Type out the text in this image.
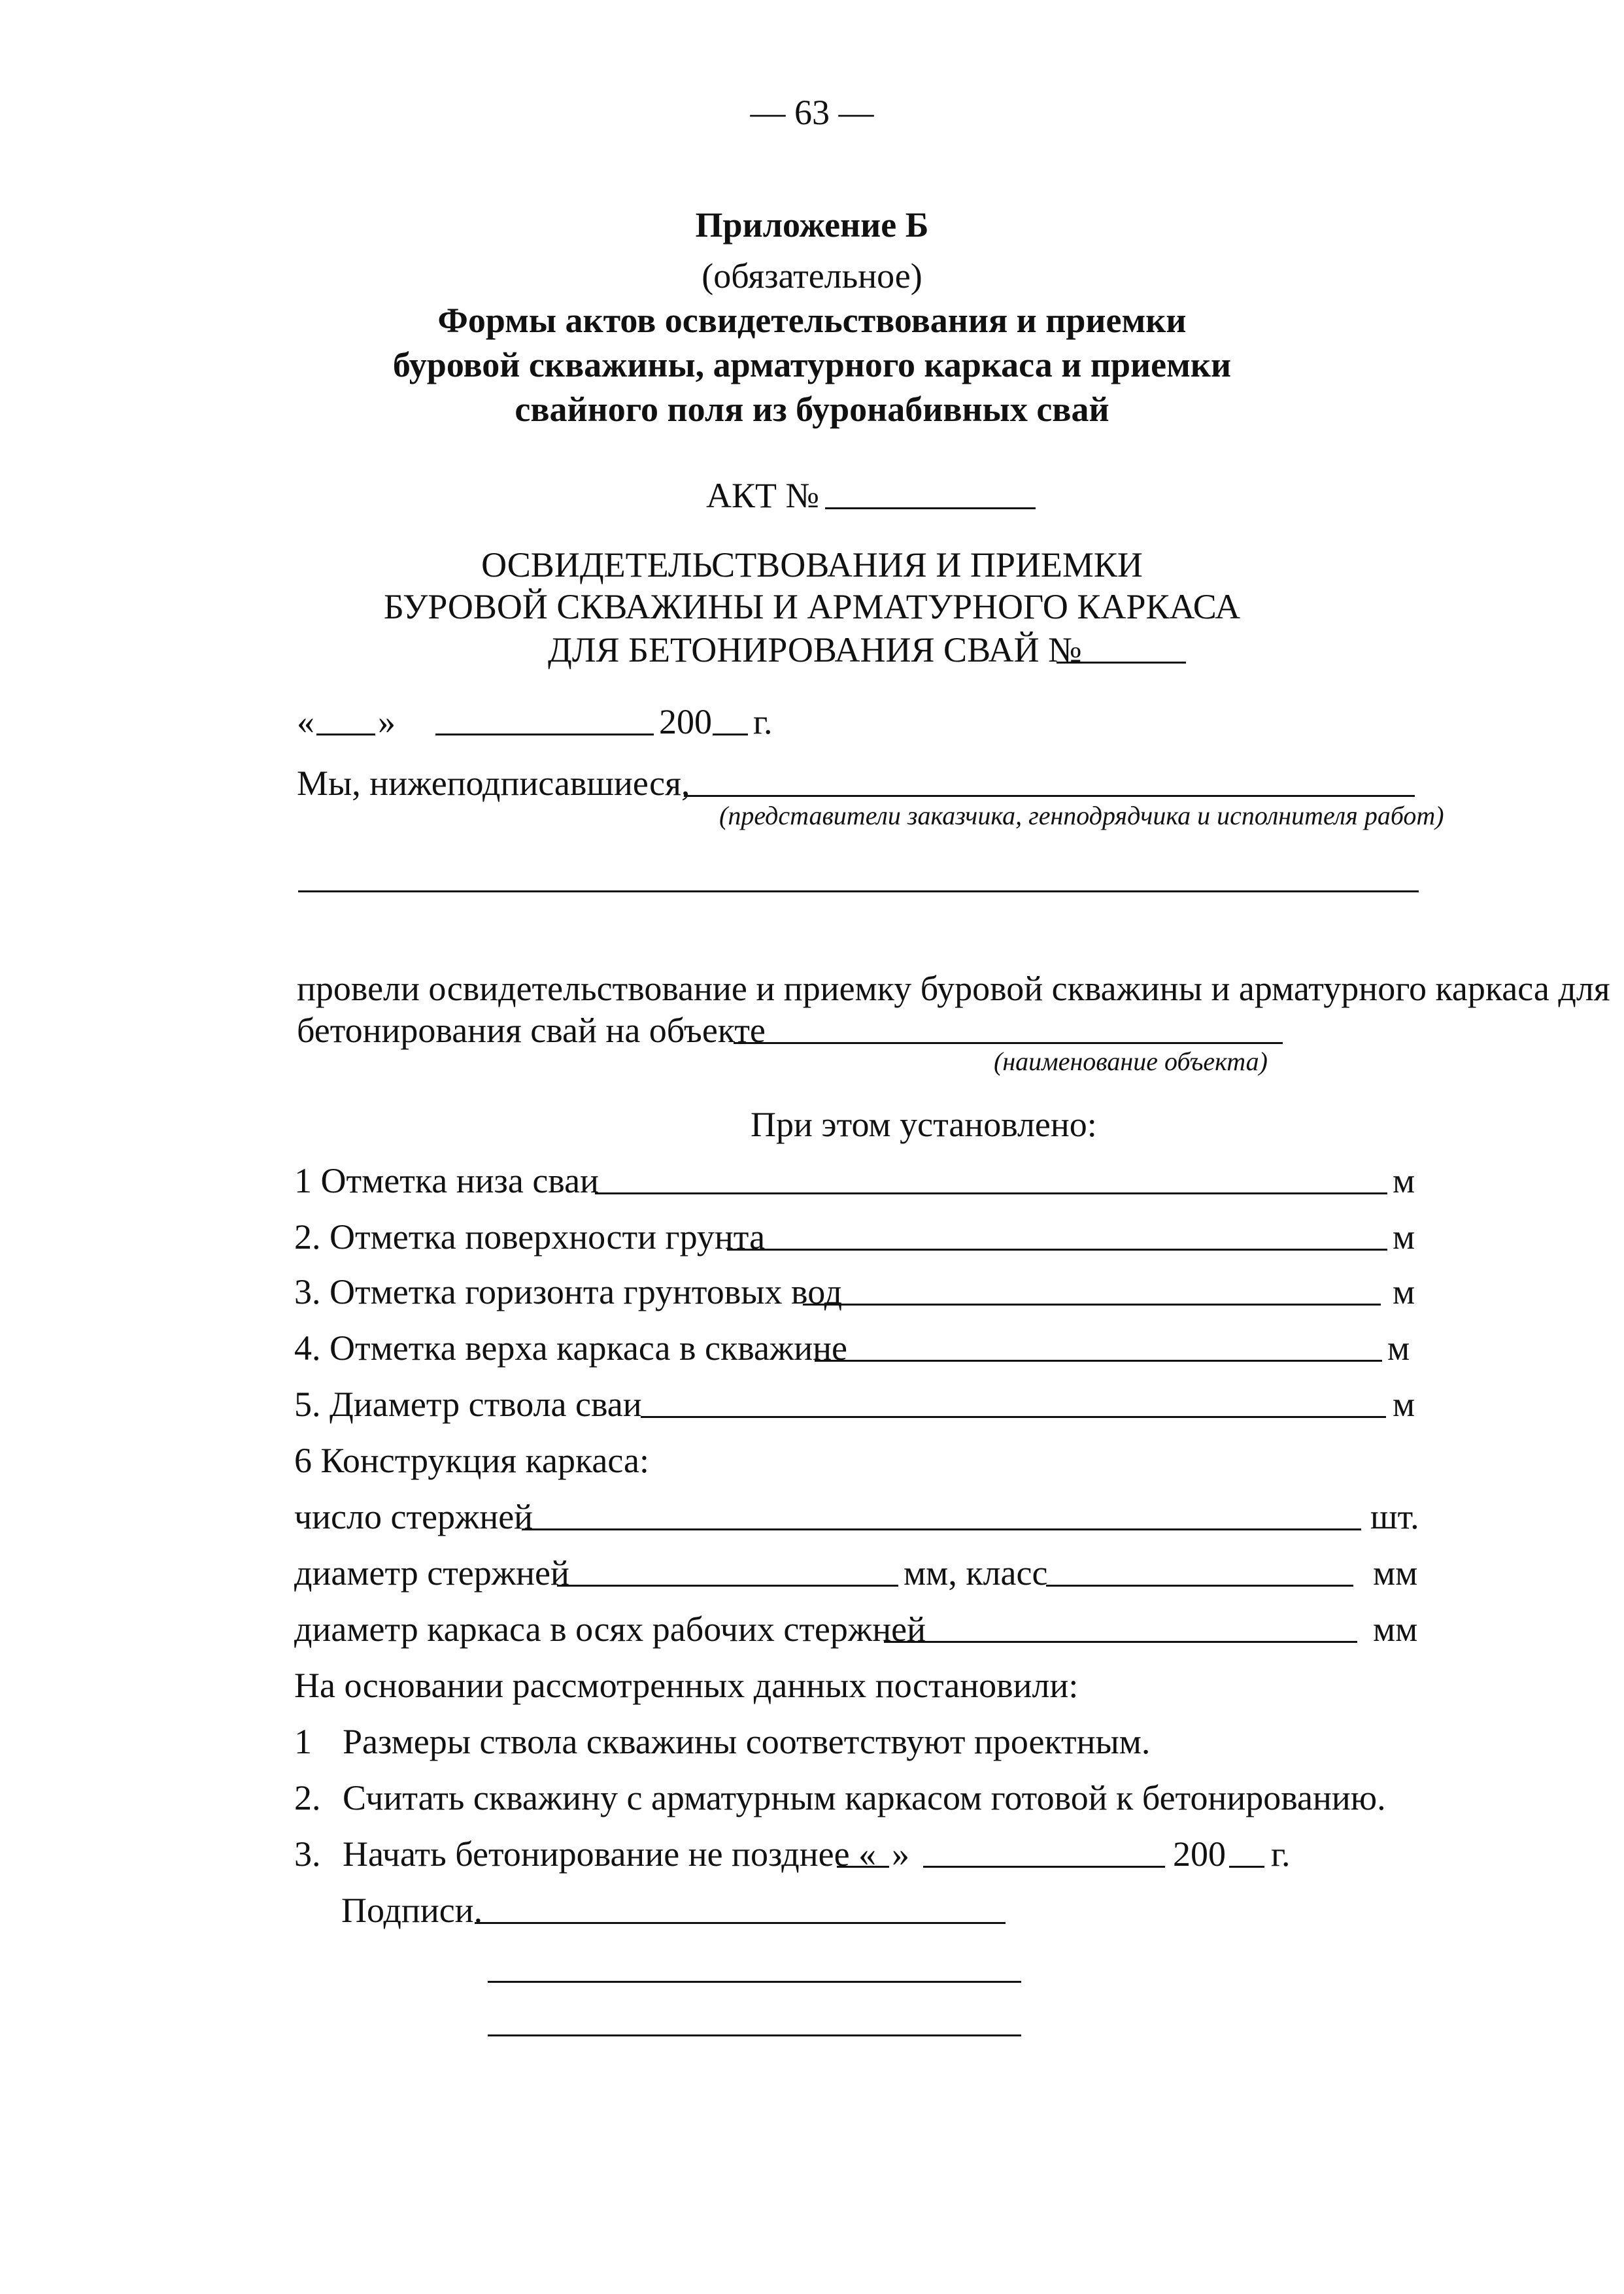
— 63 —
Приложение Б
(обязательное)
Формы актов освидетельствования и приемки
буровой скважины, арматурного каркаса и приемки
свайного поля из буронабивных свай
АКТ №
ОСВИДЕТЕЛЬСТВОВАНИЯ И ПРИЕМКИ
БУРОВОЙ СКВАЖИНЫ И АРМАТУРНОГО КАРКАСА
ДЛЯ БЕТОНИРОВАНИЯ СВАЙ №
« »	200 г.
Мы, нижеподписавшиеся,
(представители заказчика, генподрядчика и исполнителя работ)
провели освидетельствование и приемку буровой скважины и арматурного каркаса для
бетонирования свай на объекте
(наименование объекта)
При этом установлено:
1 Отметка низа сваи	м
2. Отметка поверхности грунта	м
3. Отметка горизонта грунтовых вод	м
4. Отметка верха каркаса в скважине	м
5. Диаметр ствола сваи	м
6 Конструкция каркаса:
число стержней	шт.
диаметр стержней	мм, класс	мм
диаметр каркаса в осях рабочих стержней	мм
На основании рассмотренных данных постановили:
1 Размеры ствола скважины соответствуют проектным.
2. Считать скважину с арматурным каркасом готовой к бетонированию.
3. Начать бетонирование не позднее « »	200 г.
Подписи.
